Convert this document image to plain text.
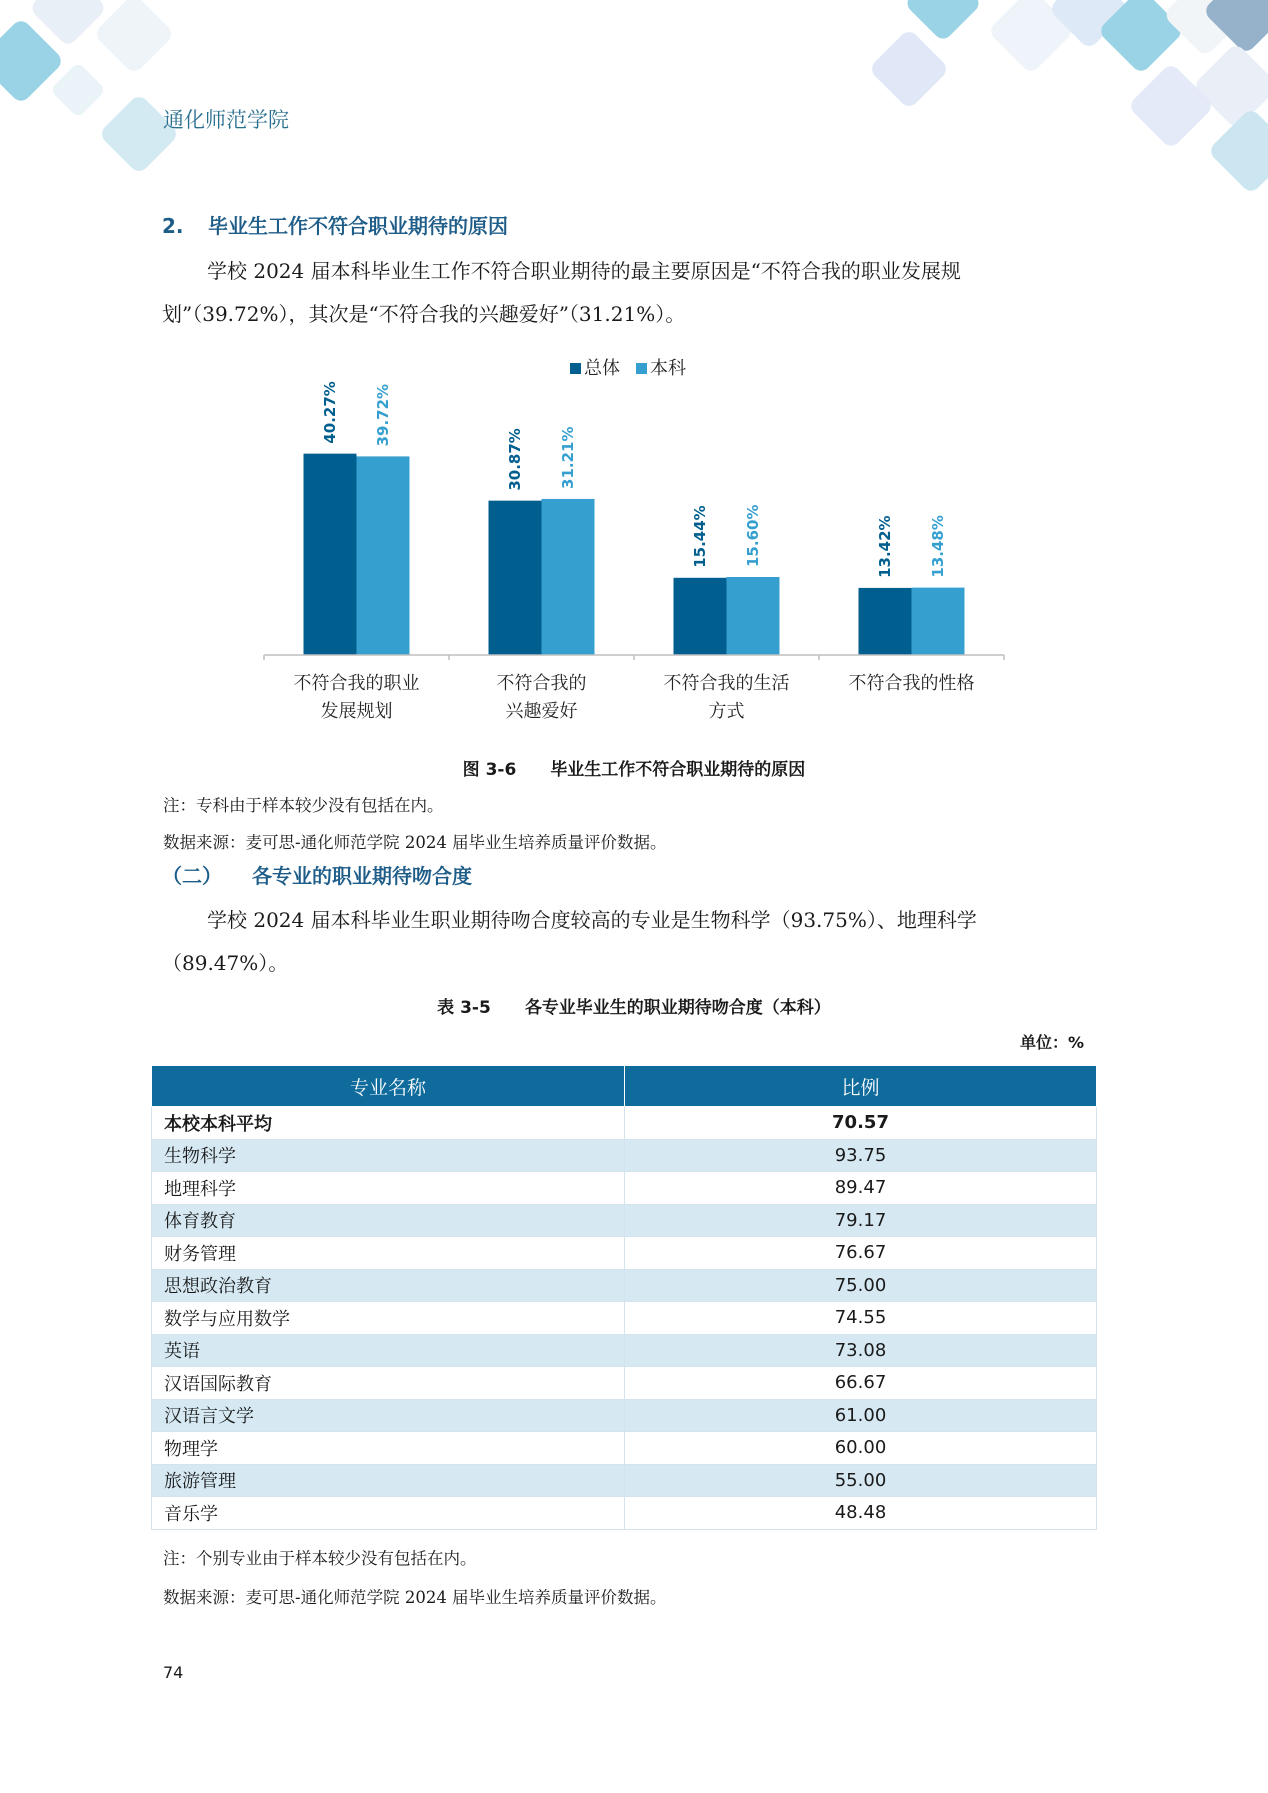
通化师范学院
2. 毕业生工作不符合职业期待的原因
学校 2024 届本科毕业生工作不符合职业期待的最主要原因是“不符合我的职业发展规划”（39.72%），其次是“不符合我的兴趣爱好”（31.21%）。
总体 本科
40.27% 39.72%
30.87% 31.21%
15.44% 15.60%	13.42% 13.48%
不符合我的职业
发展规划
不符合我的
兴趣爱好
不符合我的生活
方式
不符合我的性格
图 3-6 毕业生工作不符合职业期待的原因
注：专科由于样本较少没有包括在内。
数据来源：麦可思-通化师范学院 2024 届毕业生培养质量评价数据。
（二） 各专业的职业期待吻合度
学校 2024 届本科毕业生职业期待吻合度较高的专业是生物科学（93.75%）、地理科学（89.47%）。
表 3-5 各专业毕业生的职业期待吻合度（本科）
单位：%
专业名称	比例
本校本科平均	70.57
生物科学	93.75
地理科学	89.47
体育教育	79.17
财务管理	76.67
思想政治教育	75.00
数学与应用数学	74.55
英语	73.08
汉语国际教育	66.67
汉语言文学	61.00
物理学	60.00
旅游管理	55.00
音乐学	48.48
注：个别专业由于样本较少没有包括在内。
数据来源：麦可思-通化师范学院 2024 届毕业生培养质量评价数据。
74
